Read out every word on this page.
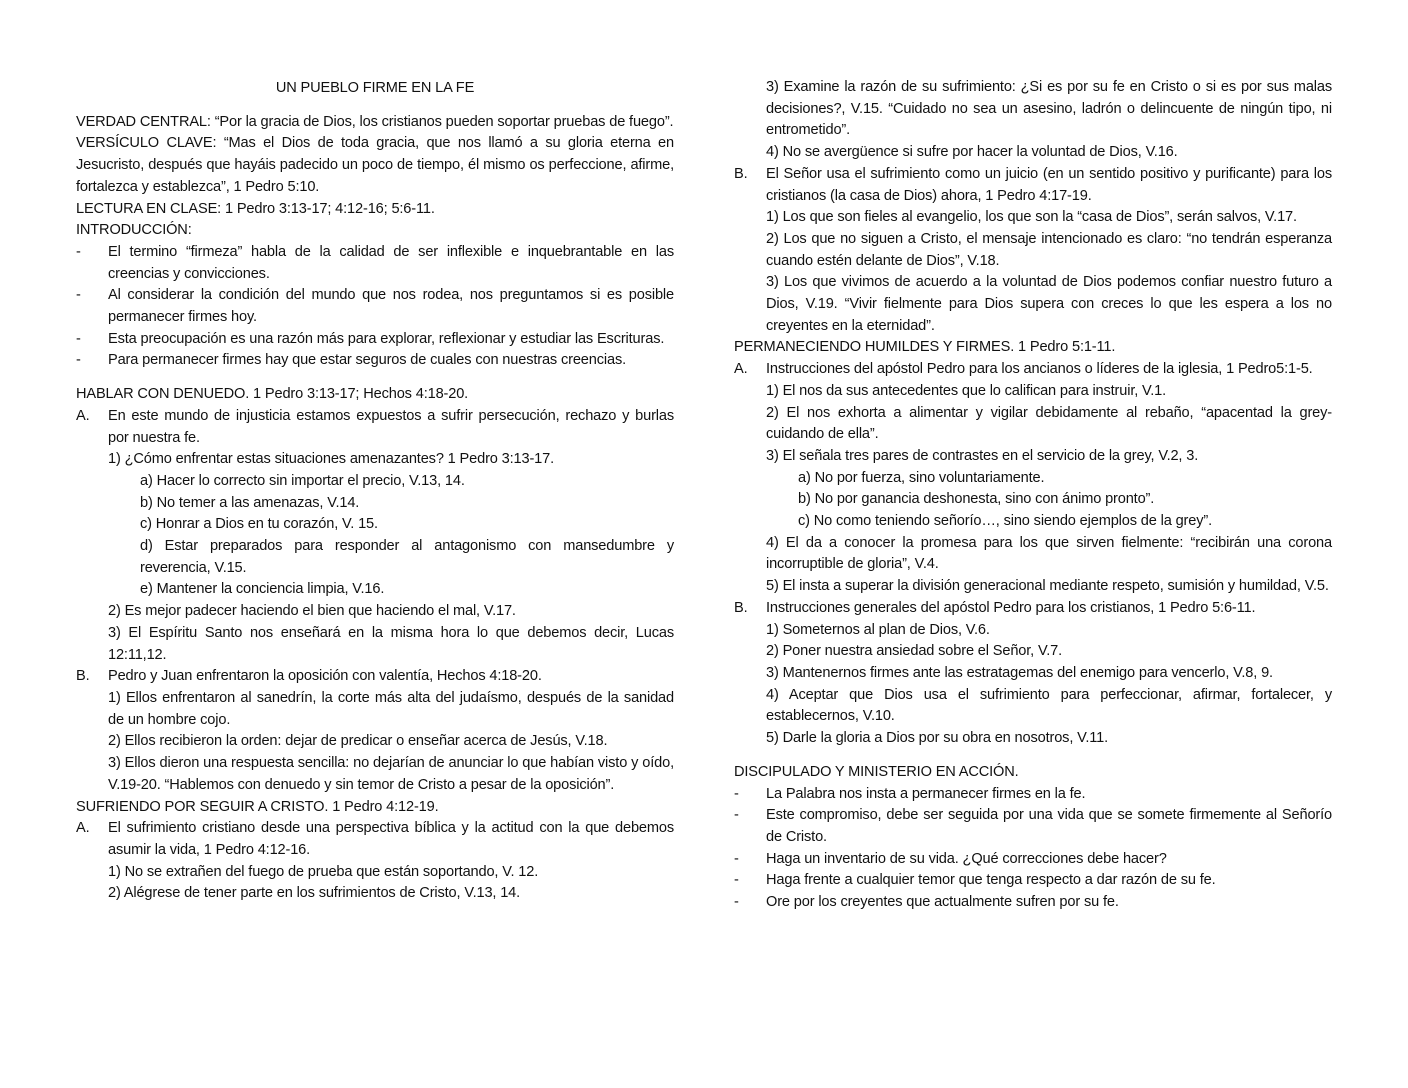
UN PUEBLO FIRME EN LA FE

VERDAD CENTRAL: “Por la gracia de Dios, los cristianos pueden soportar pruebas de fuego”.

VERSÍCULO CLAVE: “Mas el Dios de toda gracia, que nos llamó a su gloria eterna en Jesucristo, después que hayáis padecido un poco de tiempo, él mismo os perfeccione, afirme, fortalezca y establezca”, 1 Pedro 5:10.

LECTURA EN CLASE: 1 Pedro 3:13-17; 4:12-16; 5:6-11.

INTRODUCCIÓN:

-	El termino “firmeza” habla de la calidad de ser inflexible e inquebrantable en las creencias y convicciones.
-	Al considerar la condición del mundo que nos rodea, nos preguntamos si es posible permanecer firmes hoy.
-	Esta preocupación es una razón más para explorar, reflexionar y estudiar las Escrituras.
-	Para permanecer firmes hay que estar seguros de cuales con nuestras creencias.

HABLAR CON DENUEDO. 1 Pedro 3:13-17; Hechos 4:18-20.

A.	En este mundo de injusticia estamos expuestos a sufrir persecución, rechazo y burlas por nuestra fe.

1) ¿Cómo enfrentar estas situaciones amenazantes? 1 Pedro 3:13-17.

a) Hacer lo correcto sin importar el precio, V.13, 14.

b) No temer a las amenazas, V.14.

c) Honrar a Dios en tu corazón, V. 15.

d) Estar preparados para responder al antagonismo con mansedumbre y reverencia, V.15.

e) Mantener la conciencia limpia, V.16.

2) Es mejor padecer haciendo el bien que haciendo el mal, V.17.

3) El Espíritu Santo nos enseñará en la misma hora lo que debemos decir, Lucas 12:11,12.

B.	Pedro y Juan enfrentaron la oposición con valentía, Hechos 4:18-20.

1) Ellos enfrentaron al sanedrín, la corte más alta del judaísmo, después de la sanidad de un hombre cojo.

2) Ellos recibieron la orden: dejar de predicar o enseñar acerca de Jesús, V.18.

3) Ellos dieron una respuesta sencilla: no dejarían de anunciar lo que habían visto y oído, V.19-20. “Hablemos con denuedo y sin temor de Cristo a pesar de la oposición”.

SUFRIENDO POR SEGUIR A CRISTO. 1 Pedro 4:12-19.

A.	El sufrimiento cristiano desde una perspectiva bíblica y la actitud con la que debemos asumir la vida, 1 Pedro 4:12-16.

1) No se extrañen del fuego de prueba que están soportando, V. 12.

2) Alégrese de tener parte en los sufrimientos de Cristo, V.13, 14.

3) Examine la razón de su sufrimiento: ¿Si es por su fe en Cristo o si es por sus malas decisiones?, V.15. “Cuidado no sea un asesino, ladrón o delincuente de ningún tipo, ni entrometido”.

4) No se avergüence si sufre por hacer la voluntad de Dios, V.16.

B.	El Señor usa el sufrimiento como un juicio (en un sentido positivo y purificante) para los cristianos (la casa de Dios) ahora, 1 Pedro 4:17-19.

1) Los que son fieles al evangelio, los que son la “casa de Dios”, serán salvos, V.17.

2) Los que no siguen a Cristo, el mensaje intencionado es claro: “no tendrán esperanza cuando estén delante de Dios”, V.18.

3) Los que vivimos de acuerdo a la voluntad de Dios podemos confiar nuestro futuro a Dios, V.19. “Vivir fielmente para Dios supera con creces lo que les espera a los no creyentes en la eternidad”.

PERMANECIENDO HUMILDES Y FIRMES. 1 Pedro 5:1-11.

A.	Instrucciones del apóstol Pedro para los ancianos o líderes de la iglesia, 1 Pedro5:1-5.

1) El nos da sus antecedentes que lo califican para instruir, V.1.

2) El nos exhorta a alimentar y vigilar debidamente al rebaño, “apacentad la grey- cuidando de ella”.

3) El señala tres pares de contrastes en el servicio de la grey, V.2, 3.

a) No por fuerza, sino voluntariamente.

b) No por ganancia deshonesta, sino con ánimo pronto”.

c) No como teniendo señorío…, sino siendo ejemplos de la grey”.

4) El da a conocer la promesa para los que sirven fielmente: “recibirán una corona incorruptible de gloria”, V.4.

5) El insta a superar la división generacional mediante respeto, sumisión y humildad, V.5.

B.	Instrucciones generales del apóstol Pedro para los cristianos, 1 Pedro 5:6-11.

1) Someternos al plan de Dios, V.6.

2) Poner nuestra ansiedad sobre el Señor, V.7.

3) Mantenernos firmes ante las estratagemas del enemigo para vencerlo, V.8, 9.

4) Aceptar que Dios usa el sufrimiento para perfeccionar, afirmar, fortalecer, y establecernos, V.10.

5) Darle la gloria a Dios por su obra en nosotros, V.11.

DISCIPULADO Y MINISTERIO EN ACCIÓN.

-	La Palabra nos insta a permanecer firmes en la fe.
-	Este compromiso, debe ser seguida por una vida que se somete firmemente al Señorío de Cristo.
-	Haga un inventario de su vida. ¿Qué correcciones debe hacer?
-	Haga frente a cualquier temor que tenga respecto a dar razón de su fe.
-	Ore por los creyentes que actualmente sufren por su fe.
